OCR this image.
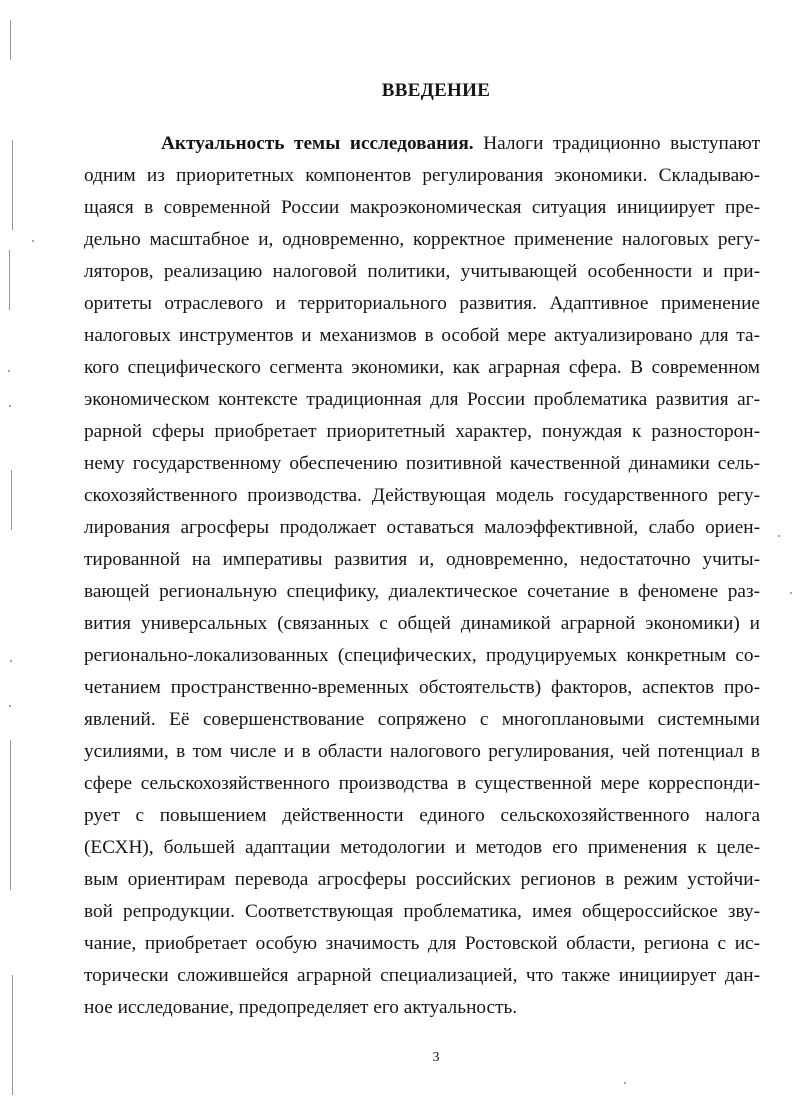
ВВЕДЕНИЕ
Актуальность темы исследования. Налоги традиционно выступают
одним из приоритетных компонентов регулирования экономики. Складываю-
щаяся в современной России макроэкономическая ситуация инициирует пре-
дельно масштабное и, одновременно, корректное применение налоговых регу-
ляторов, реализацию налоговой политики, учитывающей особенности и при-
оритеты отраслевого и территориального развития. Адаптивное применение
налоговых инструментов и механизмов в особой мере актуализировано для та-
кого специфического сегмента экономики, как аграрная сфера. В современном
экономическом контексте традиционная для России проблематика развития аг-
рарной сферы приобретает приоритетный характер, понуждая к разносторон-
нему государственному обеспечению позитивной качественной динамики сель-
скохозяйственного производства. Действующая модель государственного регу-
лирования агросферы продолжает оставаться малоэффективной, слабо ориен-
тированной на императивы развития и, одновременно, недостаточно учиты-
вающей региональную специфику, диалектическое сочетание в феномене раз-
вития универсальных (связанных с общей динамикой аграрной экономики) и
регионально-локализованных (специфических, продуцируемых конкретным со-
четанием пространственно-временных обстоятельств) факторов, аспектов про-
явлений. Её совершенствование сопряжено с многоплановыми системными
усилиями, в том числе и в области налогового регулирования, чей потенциал в
сфере сельскохозяйственного производства в существенной мере корреспонди-
рует с повышением действенности единого сельскохозяйственного налога
(ЕСХН), большей адаптации методологии и методов его применения к целе-
вым ориентирам перевода агросферы российских регионов в режим устойчи-
вой репродукции. Соответствующая проблематика, имея общероссийское зву-
чание, приобретает особую значимость для Ростовской области, региона с ис-
торически сложившейся аграрной специализацией, что также инициирует дан-
ное исследование, предопределяет его актуальность.
3
